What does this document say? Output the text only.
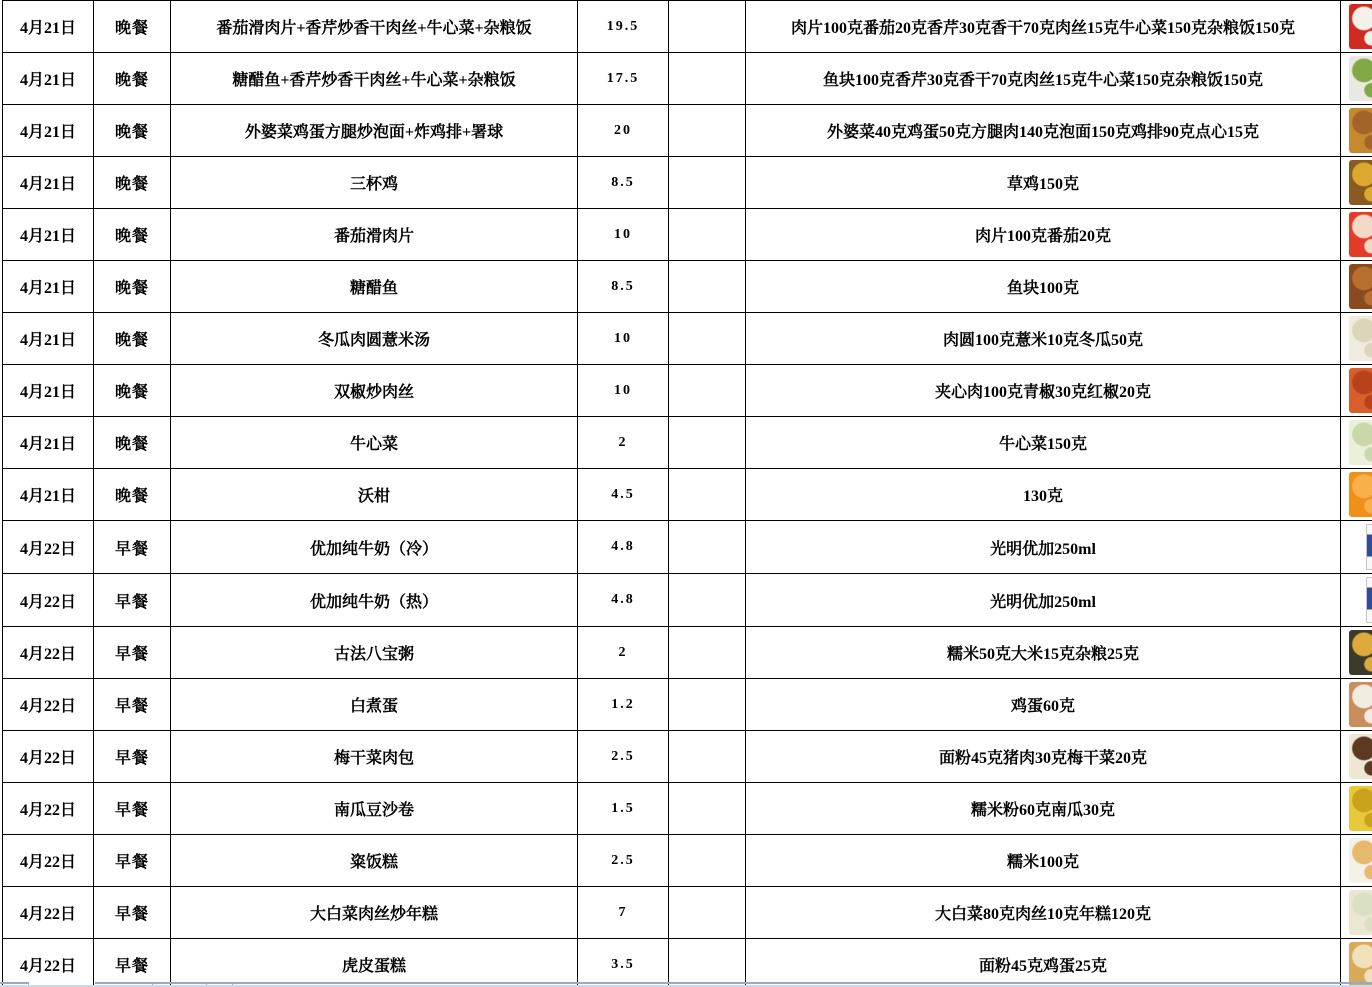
4月21日	晚餐	番茄滑肉片+香芹炒香干肉丝+牛心菜+杂粮饭	19.5		肉片100克番茄20克香芹30克香干70克肉丝15克牛心菜150克杂粮饭150克	

4月21日	晚餐	糖醋鱼+香芹炒香干肉丝+牛心菜+杂粮饭	17.5		鱼块100克香芹30克香干70克肉丝15克牛心菜150克杂粮饭150克	

4月21日	晚餐	外婆菜鸡蛋方腿炒泡面+炸鸡排+署球	20		外婆菜40克鸡蛋50克方腿肉140克泡面150克鸡排90克点心15克	

4月21日	晚餐	三杯鸡	8.5		草鸡150克	

4月21日	晚餐	番茄滑肉片	10		肉片100克番茄20克	

4月21日	晚餐	糖醋鱼	8.5		鱼块100克	

4月21日	晚餐	冬瓜肉圆薏米汤	10		肉圆100克薏米10克冬瓜50克	

4月21日	晚餐	双椒炒肉丝	10		夹心肉100克青椒30克红椒20克	

4月21日	晚餐	牛心菜	2		牛心菜150克	

4月21日	晚餐	沃柑	4.5		130克	

4月22日	早餐	优加纯牛奶（冷）	4.8		光明优加250ml	

4月22日	早餐	优加纯牛奶（热）	4.8		光明优加250ml	

4月22日	早餐	古法八宝粥	2		糯米50克大米15克杂粮25克	

4月22日	早餐	白煮蛋	1.2		鸡蛋60克	

4月22日	早餐	梅干菜肉包	2.5		面粉45克猪肉30克梅干菜20克	

4月22日	早餐	南瓜豆沙卷	1.5		糯米粉60克南瓜30克	

4月22日	早餐	粢饭糕	2.5		糯米100克	

4月22日	早餐	大白菜肉丝炒年糕	7		大白菜80克肉丝10克年糕120克	

4月22日	早餐	虎皮蛋糕	3.5		面粉45克鸡蛋25克	
